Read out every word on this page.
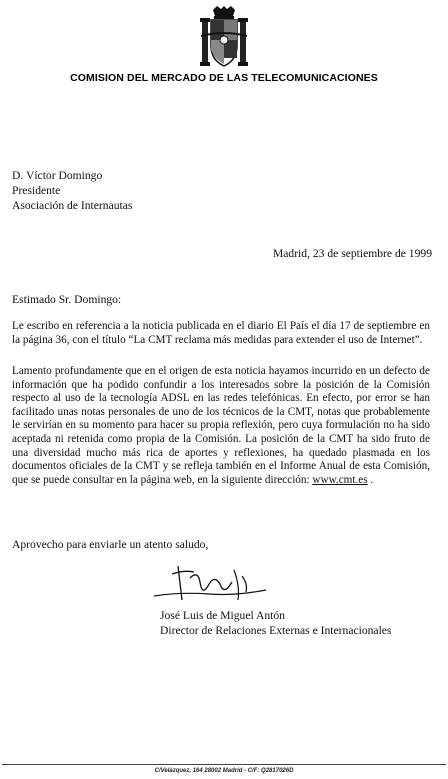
COMISION DEL MERCADO DE LAS TELECOMUNICACIONES
D. Víctor Domingo
Presidente
Asociación de Internautas
Madrid, 23 de septiembre de 1999
Estimado Sr. Domingo:

Le escribo en referencia a la noticia publicada en el diario El País el día 17 de septiembre en la página 36, con el título “La CMT reclama más medidas para extender el uso de Internet”.

Lamento profundamente que en el origen de esta noticia hayamos incurrido en un defecto de información que ha podido confundir a los interesados sobre la posición de la Comisión respecto al uso de la tecnología ADSL en las redes telefónicas. En efecto, por error se han facilitado unas notas personales de uno de los técnicos de la CMT, notas que probablemente le servirían en su momento para hacer su propia reflexión, pero cuya formulación no ha sido aceptada ni retenida como propia de la Comisión. La posición de la CMT ha sido fruto de una diversidad mucho más rica de aportes y reflexiones, ha quedado plasmada en los documentos oficiales de la CMT y se refleja también en el Informe Anual de esta Comisión, que se puede consultar en la página web, en la siguiente dirección: www.cmt.es .

Aprovecho para enviarle un atento saludo,
José Luis de Miguel Antón
Director de Relaciones Externas e Internacionales
C/Velázquez, 164 28002 Madrid - C/F: Q2817026D
